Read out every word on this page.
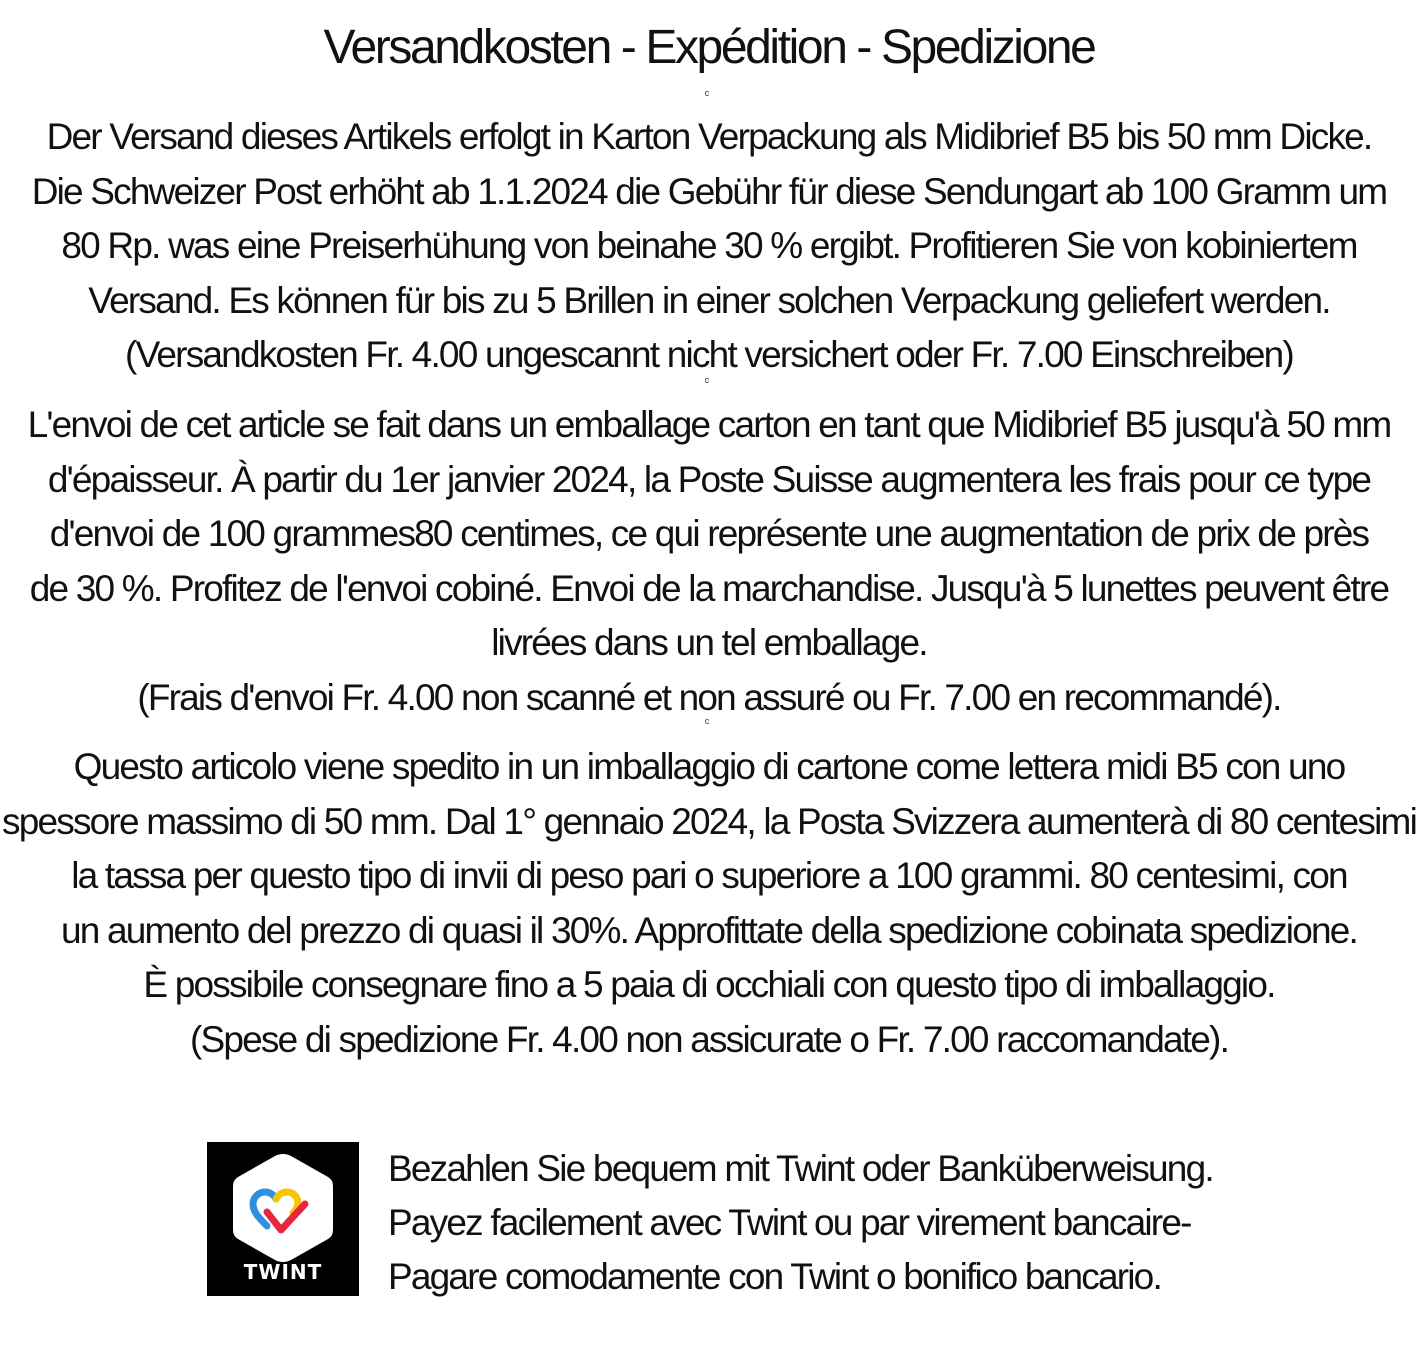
Versandkosten - Expédition - Spedizione
c
Der Versand dieses Artikels erfolgt in Karton Verpackung als Midibrief B5 bis 50 mm Dicke.
Die Schweizer Post erhöht ab 1.1.2024 die Gebühr für diese Sendungart ab 100 Gramm um
80 Rp. was eine Preiserhühung von beinahe 30 % ergibt. Profitieren Sie von kobiniertem
Versand. Es können für bis zu 5 Brillen in einer solchen Verpackung geliefert werden.
(Versandkosten Fr. 4.00 ungescannt nicht versichert oder Fr. 7.00 Einschreiben)
c
L'envoi de cet article se fait dans un emballage carton en tant que Midibrief B5 jusqu'à 50 mm
d'épaisseur. À partir du 1er janvier 2024, la Poste Suisse augmentera les frais pour ce type
d'envoi de 100 grammes80 centimes, ce qui représente une augmentation de prix de près
de 30 %. Profitez de l'envoi cobiné. Envoi de la marchandise. Jusqu'à 5 lunettes peuvent être
livrées dans un tel emballage.
(Frais d'envoi Fr. 4.00 non scanné et non assuré ou Fr. 7.00 en recommandé).
c
Questo articolo viene spedito in un imballaggio di cartone come lettera midi B5 con uno
spessore massimo di 50 mm. Dal 1° gennaio 2024, la Posta Svizzera aumenterà di 80 centesimi
la tassa per questo tipo di invii di peso pari o superiore a 100 grammi. 80 centesimi, con
un aumento del prezzo di quasi il 30%. Approfittate della spedizione cobinata spedizione.
È possibile consegnare fino a 5 paia di occhiali con questo tipo di imballaggio.
(Spese di spedizione Fr. 4.00 non assicurate o Fr. 7.00 raccomandate).
TWINT
Bezahlen Sie bequem mit Twint oder Banküberweisung.
Payez facilement avec Twint ou par virement bancaire-
Pagare comodamente con Twint o bonifico bancario.
